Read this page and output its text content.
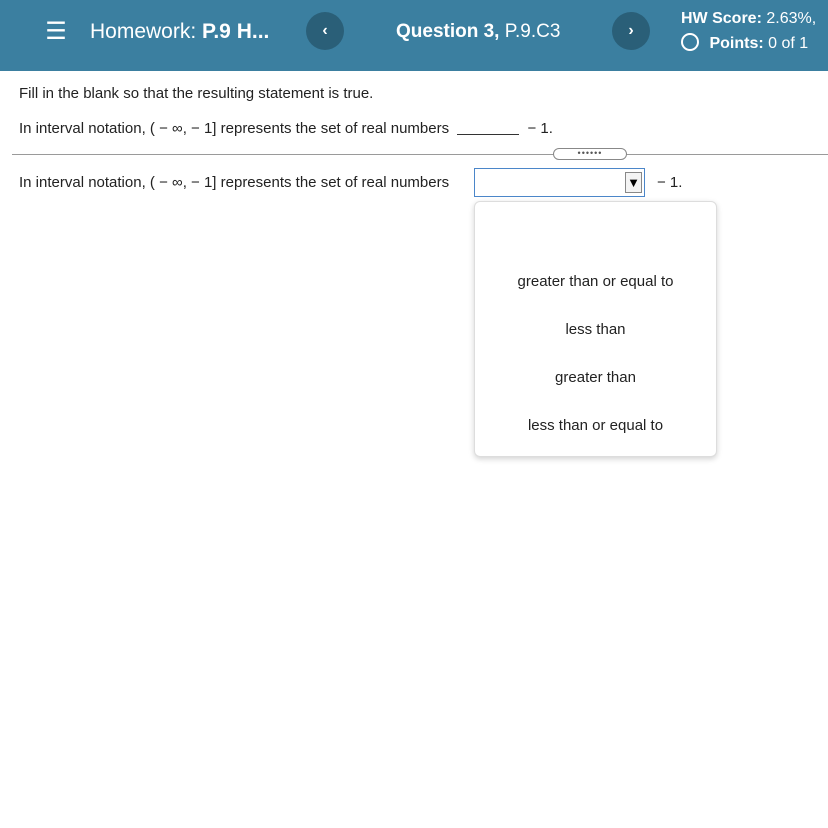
☰ Homework: P.9 H...	‹	Question 3, P.9.C3	›
HW Score: 2.63%,
Points: 0 of 1
Fill in the blank so that the resulting statement is true.
In interval notation, ( − ∞, − 1] represents the set of real numbers	− 1.
••••••
In interval notation, ( − ∞, − 1] represents the set of real numbers	▼ − 1.
greater than or equal to
less than
greater than
less than or equal to
